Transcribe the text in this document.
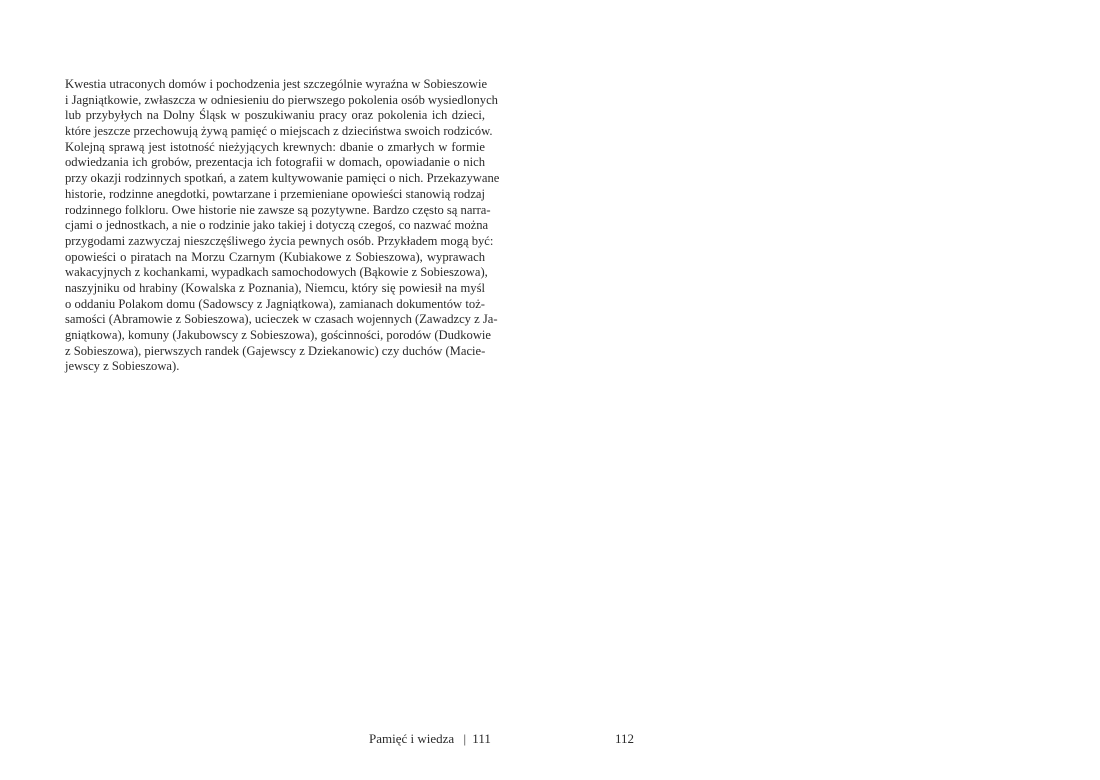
Kwestia utraconych domów i pochodzenia jest szczególnie wyraźna w Sobieszowie
i Jagniątkowie, zwłaszcza w odniesieniu do pierwszego pokolenia osób wysiedlonych
lub przybyłych na Dolny Śląsk w poszukiwaniu pracy oraz pokolenia ich dzieci,
które jeszcze przechowują żywą pamięć o miejscach z dzieciństwa swoich rodziców.
Kolejną sprawą jest istotność nieżyjących krewnych: dbanie o zmarłych w formie
odwiedzania ich grobów, prezentacja ich fotografii w domach, opowiadanie o nich
przy okazji rodzinnych spotkań, a zatem kultywowanie pamięci o nich. Przekazywane
historie, rodzinne anegdotki, powtarzane i przemieniane opowieści stanowią rodzaj
rodzinnego folkloru. Owe historie nie zawsze są pozytywne. Bardzo często są narra-
cjami o jednostkach, a nie o rodzinie jako takiej i dotyczą czegoś, co nazwać można
przygodami zazwyczaj nieszczęśliwego życia pewnych osób. Przykładem mogą być:
opowieści o piratach na Morzu Czarnym (Kubiakowe z Sobieszowa), wyprawach
wakacyjnych z kochankami, wypadkach samochodowych (Bąkowie z Sobieszowa),
naszyjniku od hrabiny (Kowalska z Poznania), Niemcu, który się powiesił na myśl
o oddaniu Polakom domu (Sadowscy z Jagniątkowa), zamianach dokumentów toż-
samości (Abramowie z Sobieszowa), ucieczek w czasach wojennych (Zawadzcy z Ja-
gniątkowa), komuny (Jakubowscy z Sobieszowa), gościnności, porodów (Dudkowie
z Sobieszowa), pierwszych randek (Gajewscy z Dziekanowic) czy duchów (Macie-
jewscy z Sobieszowa).
Pamięć i wiedza | 111	112
